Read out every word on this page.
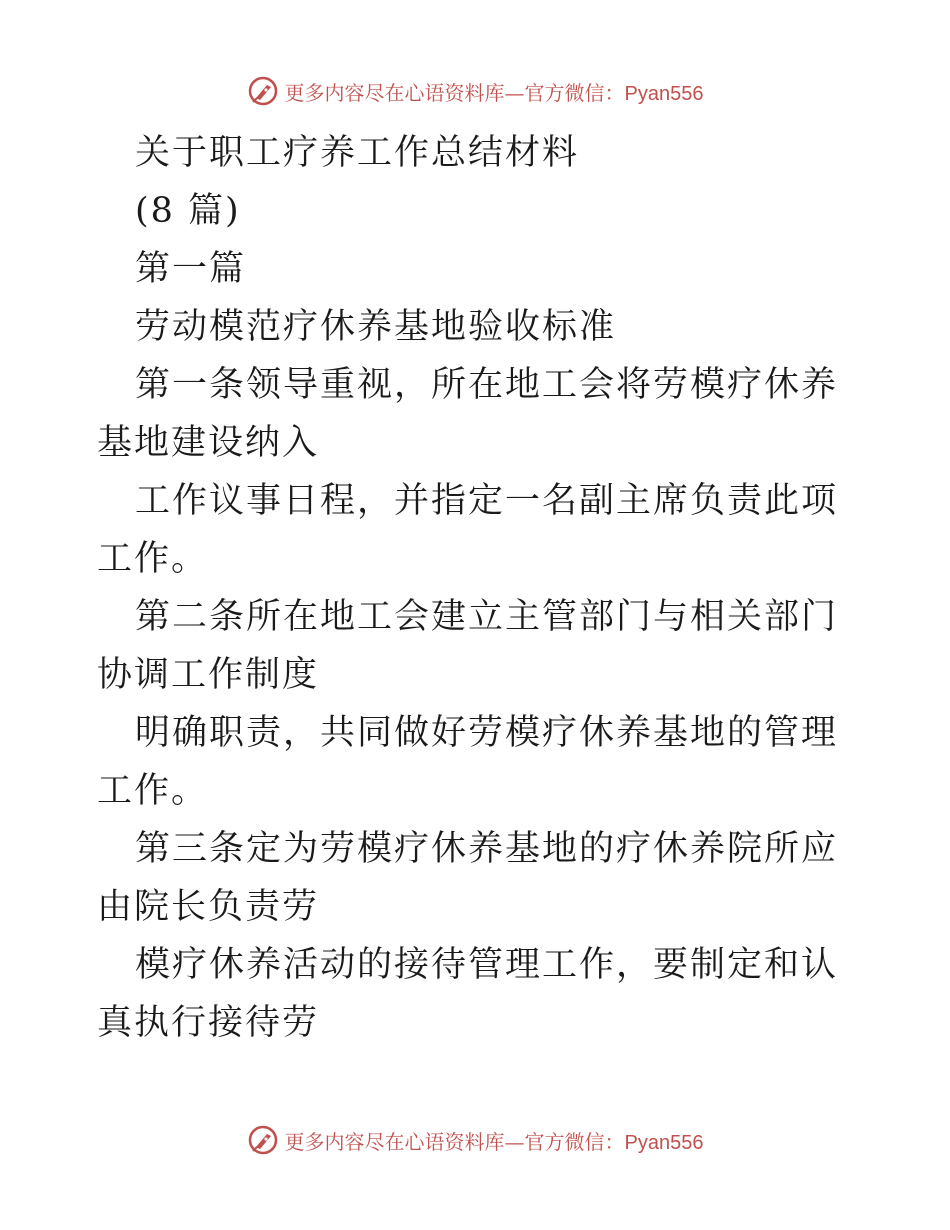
更多内容尽在心语资料库—官方微信：Pyan556

关于职工疗养工作总结材料

(8 篇)

第一篇

劳动模范疗休养基地验收标准

第一条领导重视，所在地工会将劳模疗休养基地建设纳入

工作议事日程，并指定一名副主席负责此项工作。

第二条所在地工会建立主管部门与相关部门协调工作制度

明确职责，共同做好劳模疗休养基地的管理工作。

第三条定为劳模疗休养基地的疗休养院所应由院长负责劳

模疗休养活动的接待管理工作，要制定和认真执行接待劳

更多内容尽在心语资料库—官方微信：Pyan556
